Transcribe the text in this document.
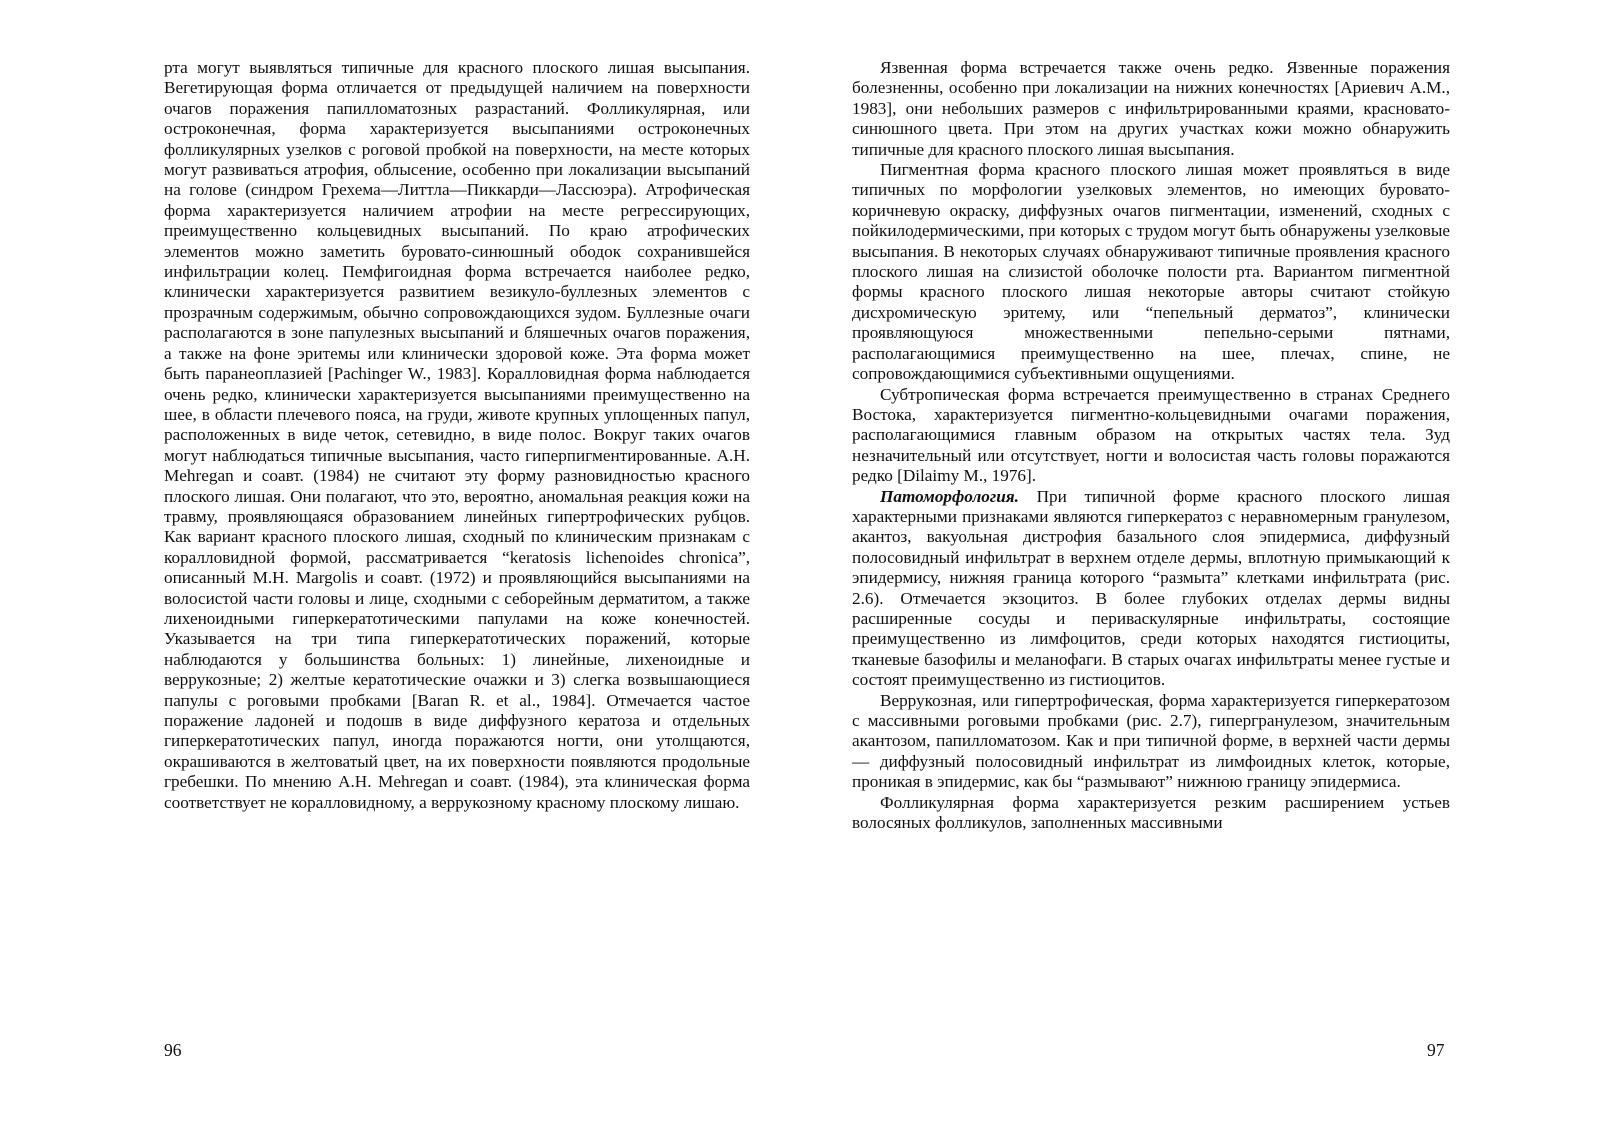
рта могут выявляться типичные для красного плоского лишая высыпания. Вегетирующая форма отличается от предыдущей наличием на поверхности очагов поражения папилломатозных разрастаний. Фолликулярная, или остроконечная, форма характеризуется высыпаниями остроконечных фолликулярных узелков с роговой пробкой на поверхности, на месте которых могут развиваться атрофия, облысение, особенно при локализации высыпаний на голове (синдром Грехема—Литтла—Пиккарди—Лассюэра). Атрофическая форма характеризуется наличием атрофии на месте регрессирующих, преимущественно кольцевидных высыпаний. По краю атрофических элементов можно заметить буровато-синюшный ободок сохранившейся инфильтрации колец. Пемфигоидная форма встречается наиболее редко, клинически характеризуется развитием везикуло-буллезных элементов с прозрачным содержимым, обычно сопровождающихся зудом. Буллезные очаги располагаются в зоне папулезных высыпаний и бляшечных очагов поражения, а также на фоне эритемы или клинически здоровой коже. Эта форма может быть паранеоплазией [Pachinger W., 1983]. Коралловидная форма наблюдается очень редко, клинически характеризуется высыпаниями преимущественно на шее, в области плечевого пояса, на груди, животе крупных уплощенных папул, расположенных в виде четок, сетевидно, в виде полос. Вокруг таких очагов могут наблюдаться типичные высыпания, часто гиперпигментированные. A.H. Mehregan и соавт. (1984) не считают эту форму разновидностью красного плоского лишая. Они полагают, что это, вероятно, аномальная реакция кожи на травму, проявляющаяся образованием линейных гипертрофических рубцов. Как вариант красного плоского лишая, сходный по клиническим признакам с коралловидной формой, рассматривается “keratosis lichenoides chronica”, описанный M.H. Margolis и соавт. (1972) и проявляющийся высыпаниями на волосистой части головы и лице, сходными с себорейным дерматитом, а также лихеноидными гиперкератотическими папулами на коже конечностей. Указывается на три типа гиперкератотических поражений, которые наблюдаются у большинства больных: 1) линейные, лихеноидные и веррукозные; 2) желтые кератотические очажки и 3) слегка возвышающиеся папулы с роговыми пробками [Baran R. et al., 1984]. Отмечается частое поражение ладоней и подошв в виде диффузного кератоза и отдельных гиперкератотических папул, иногда поражаются ногти, они утолщаются, окрашиваются в желтоватый цвет, на их поверхности появляются продольные гребешки. По мнению A.H. Mehregan и соавт. (1984), эта клиническая форма соответствует не коралловидному, а веррукозному красному плоскому лишаю.

96

Язвенная форма встречается также очень редко. Язвенные поражения болезненны, особенно при локализации на нижних конечностях [Ариевич А.М., 1983], они небольших размеров с инфильтрированными краями, красновато-синюшного цвета. При этом на других участках кожи можно обнаружить типичные для красного плоского лишая высыпания.

Пигментная форма красного плоского лишая может проявляться в виде типичных по морфологии узелковых элементов, но имеющих буровато-коричневую окраску, диффузных очагов пигментации, изменений, сходных с пойкилодермическими, при которых с трудом могут быть обнаружены узелковые высыпания. В некоторых случаях обнаруживают типичные проявления красного плоского лишая на слизистой оболочке полости рта. Вариантом пигментной формы красного плоского лишая некоторые авторы считают стойкую дисхромическую эритему, или “пепельный дерматоз”, клинически проявляющуюся множественными пепельно-серыми пятнами, располагающимися преимущественно на шее, плечах, спине, не сопровождающимися субъективными ощущениями.

Субтропическая форма встречается преимущественно в странах Среднего Востока, характеризуется пигментно-кольцевидными очагами поражения, располагающимися главным образом на открытых частях тела. Зуд незначительный или отсутствует, ногти и волосистая часть головы поражаются редко [Dilaimy M., 1976].

Патоморфология. При типичной форме красного плоского лишая характерными признаками являются гиперкератоз с неравномерным гранулезом, акантоз, вакуольная дистрофия базального слоя эпидермиса, диффузный полосовидный инфильтрат в верхнем отделе дермы, вплотную примыкающий к эпидермису, нижняя граница которого “размыта” клетками инфильтрата (рис. 2.6). Отмечается экзоцитоз. В более глубоких отделах дермы видны расширенные сосуды и периваскулярные инфильтраты, состоящие преимущественно из лимфоцитов, среди которых находятся гистиоциты, тканевые базофилы и меланофаги. В старых очагах инфильтраты менее густые и состоят преимущественно из гистиоцитов.

Веррукозная, или гипертрофическая, форма характеризуется гиперкератозом с массивными роговыми пробками (рис. 2.7), гипергранулезом, значительным акантозом, папилломатозом. Как и при типичной форме, в верхней части дермы — диффузный полосовидный инфильтрат из лимфоидных клеток, которые, проникая в эпидермис, как бы “размывают” нижнюю границу эпидермиса.

Фолликулярная форма характеризуется резким расширением устьев волосяных фолликулов, заполненных массивными

97
